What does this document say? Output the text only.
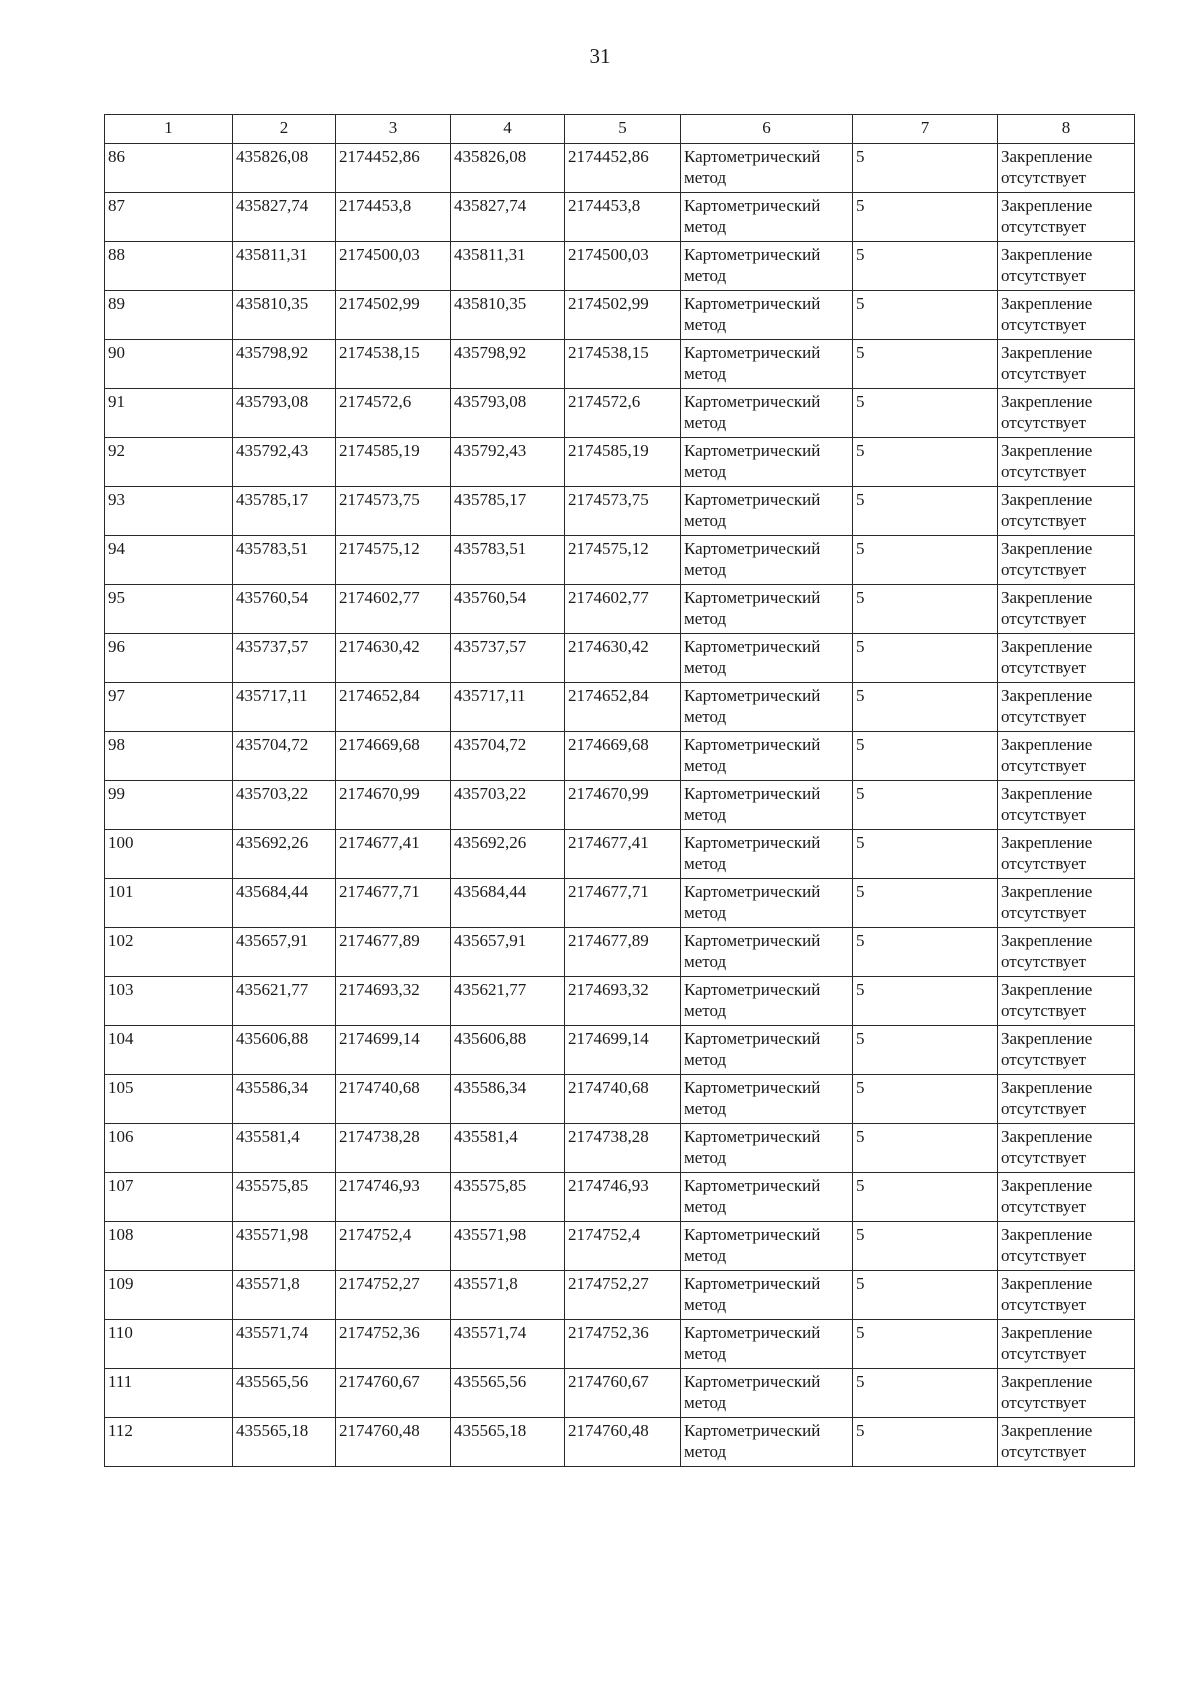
31
1	2	3	4	5	6	7	8
86	435826,08	2174452,86	435826,08	2174452,86	Картометрический метод	5	Закрепление отсутствует
87	435827,74	2174453,8	435827,74	2174453,8	Картометрический метод	5	Закрепление отсутствует
88	435811,31	2174500,03	435811,31	2174500,03	Картометрический метод	5	Закрепление отсутствует
89	435810,35	2174502,99	435810,35	2174502,99	Картометрический метод	5	Закрепление отсутствует
90	435798,92	2174538,15	435798,92	2174538,15	Картометрический метод	5	Закрепление отсутствует
91	435793,08	2174572,6	435793,08	2174572,6	Картометрический метод	5	Закрепление отсутствует
92	435792,43	2174585,19	435792,43	2174585,19	Картометрический метод	5	Закрепление отсутствует
93	435785,17	2174573,75	435785,17	2174573,75	Картометрический метод	5	Закрепление отсутствует
94	435783,51	2174575,12	435783,51	2174575,12	Картометрический метод	5	Закрепление отсутствует
95	435760,54	2174602,77	435760,54	2174602,77	Картометрический метод	5	Закрепление отсутствует
96	435737,57	2174630,42	435737,57	2174630,42	Картометрический метод	5	Закрепление отсутствует
97	435717,11	2174652,84	435717,11	2174652,84	Картометрический метод	5	Закрепление отсутствует
98	435704,72	2174669,68	435704,72	2174669,68	Картометрический метод	5	Закрепление отсутствует
99	435703,22	2174670,99	435703,22	2174670,99	Картометрический метод	5	Закрепление отсутствует
100	435692,26	2174677,41	435692,26	2174677,41	Картометрический метод	5	Закрепление отсутствует
101	435684,44	2174677,71	435684,44	2174677,71	Картометрический метод	5	Закрепление отсутствует
102	435657,91	2174677,89	435657,91	2174677,89	Картометрический метод	5	Закрепление отсутствует
103	435621,77	2174693,32	435621,77	2174693,32	Картометрический метод	5	Закрепление отсутствует
104	435606,88	2174699,14	435606,88	2174699,14	Картометрический метод	5	Закрепление отсутствует
105	435586,34	2174740,68	435586,34	2174740,68	Картометрический метод	5	Закрепление отсутствует
106	435581,4	2174738,28	435581,4	2174738,28	Картометрический метод	5	Закрепление отсутствует
107	435575,85	2174746,93	435575,85	2174746,93	Картометрический метод	5	Закрепление отсутствует
108	435571,98	2174752,4	435571,98	2174752,4	Картометрический метод	5	Закрепление отсутствует
109	435571,8	2174752,27	435571,8	2174752,27	Картометрический метод	5	Закрепление отсутствует
110	435571,74	2174752,36	435571,74	2174752,36	Картометрический метод	5	Закрепление отсутствует
111	435565,56	2174760,67	435565,56	2174760,67	Картометрический метод	5	Закрепление отсутствует
112	435565,18	2174760,48	435565,18	2174760,48	Картометрический метод	5	Закрепление отсутствует
